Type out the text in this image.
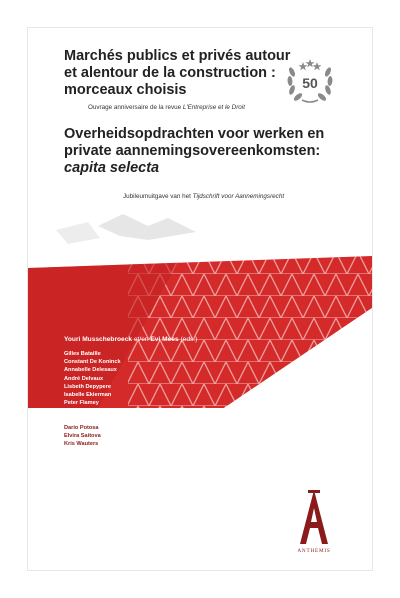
Marchés publics et privés autour et alentour de la construction : morceaux choisis
Ouvrage anniversaire de la revue L'Entreprise et le Droit
Overheidsopdrachten voor werken en private aannemingsovereenkomsten:
capita selecta
Jubileumuitgave van het Tijdschrift voor Aannemingsrecht
50
Youri Musschebroeck et/en Evi Mees (eds.)
Gilles Bataille
Constant De Koninck
Annabelle Delesaux
André Delvaux
Lisbeth Depypere
Isabelle Ekierman
Peter Flamey
Evi Mees
Youri Musschebroeck
Dario Potosa
Elvira Saitova
Kris Wauters
ANTHEMIS
